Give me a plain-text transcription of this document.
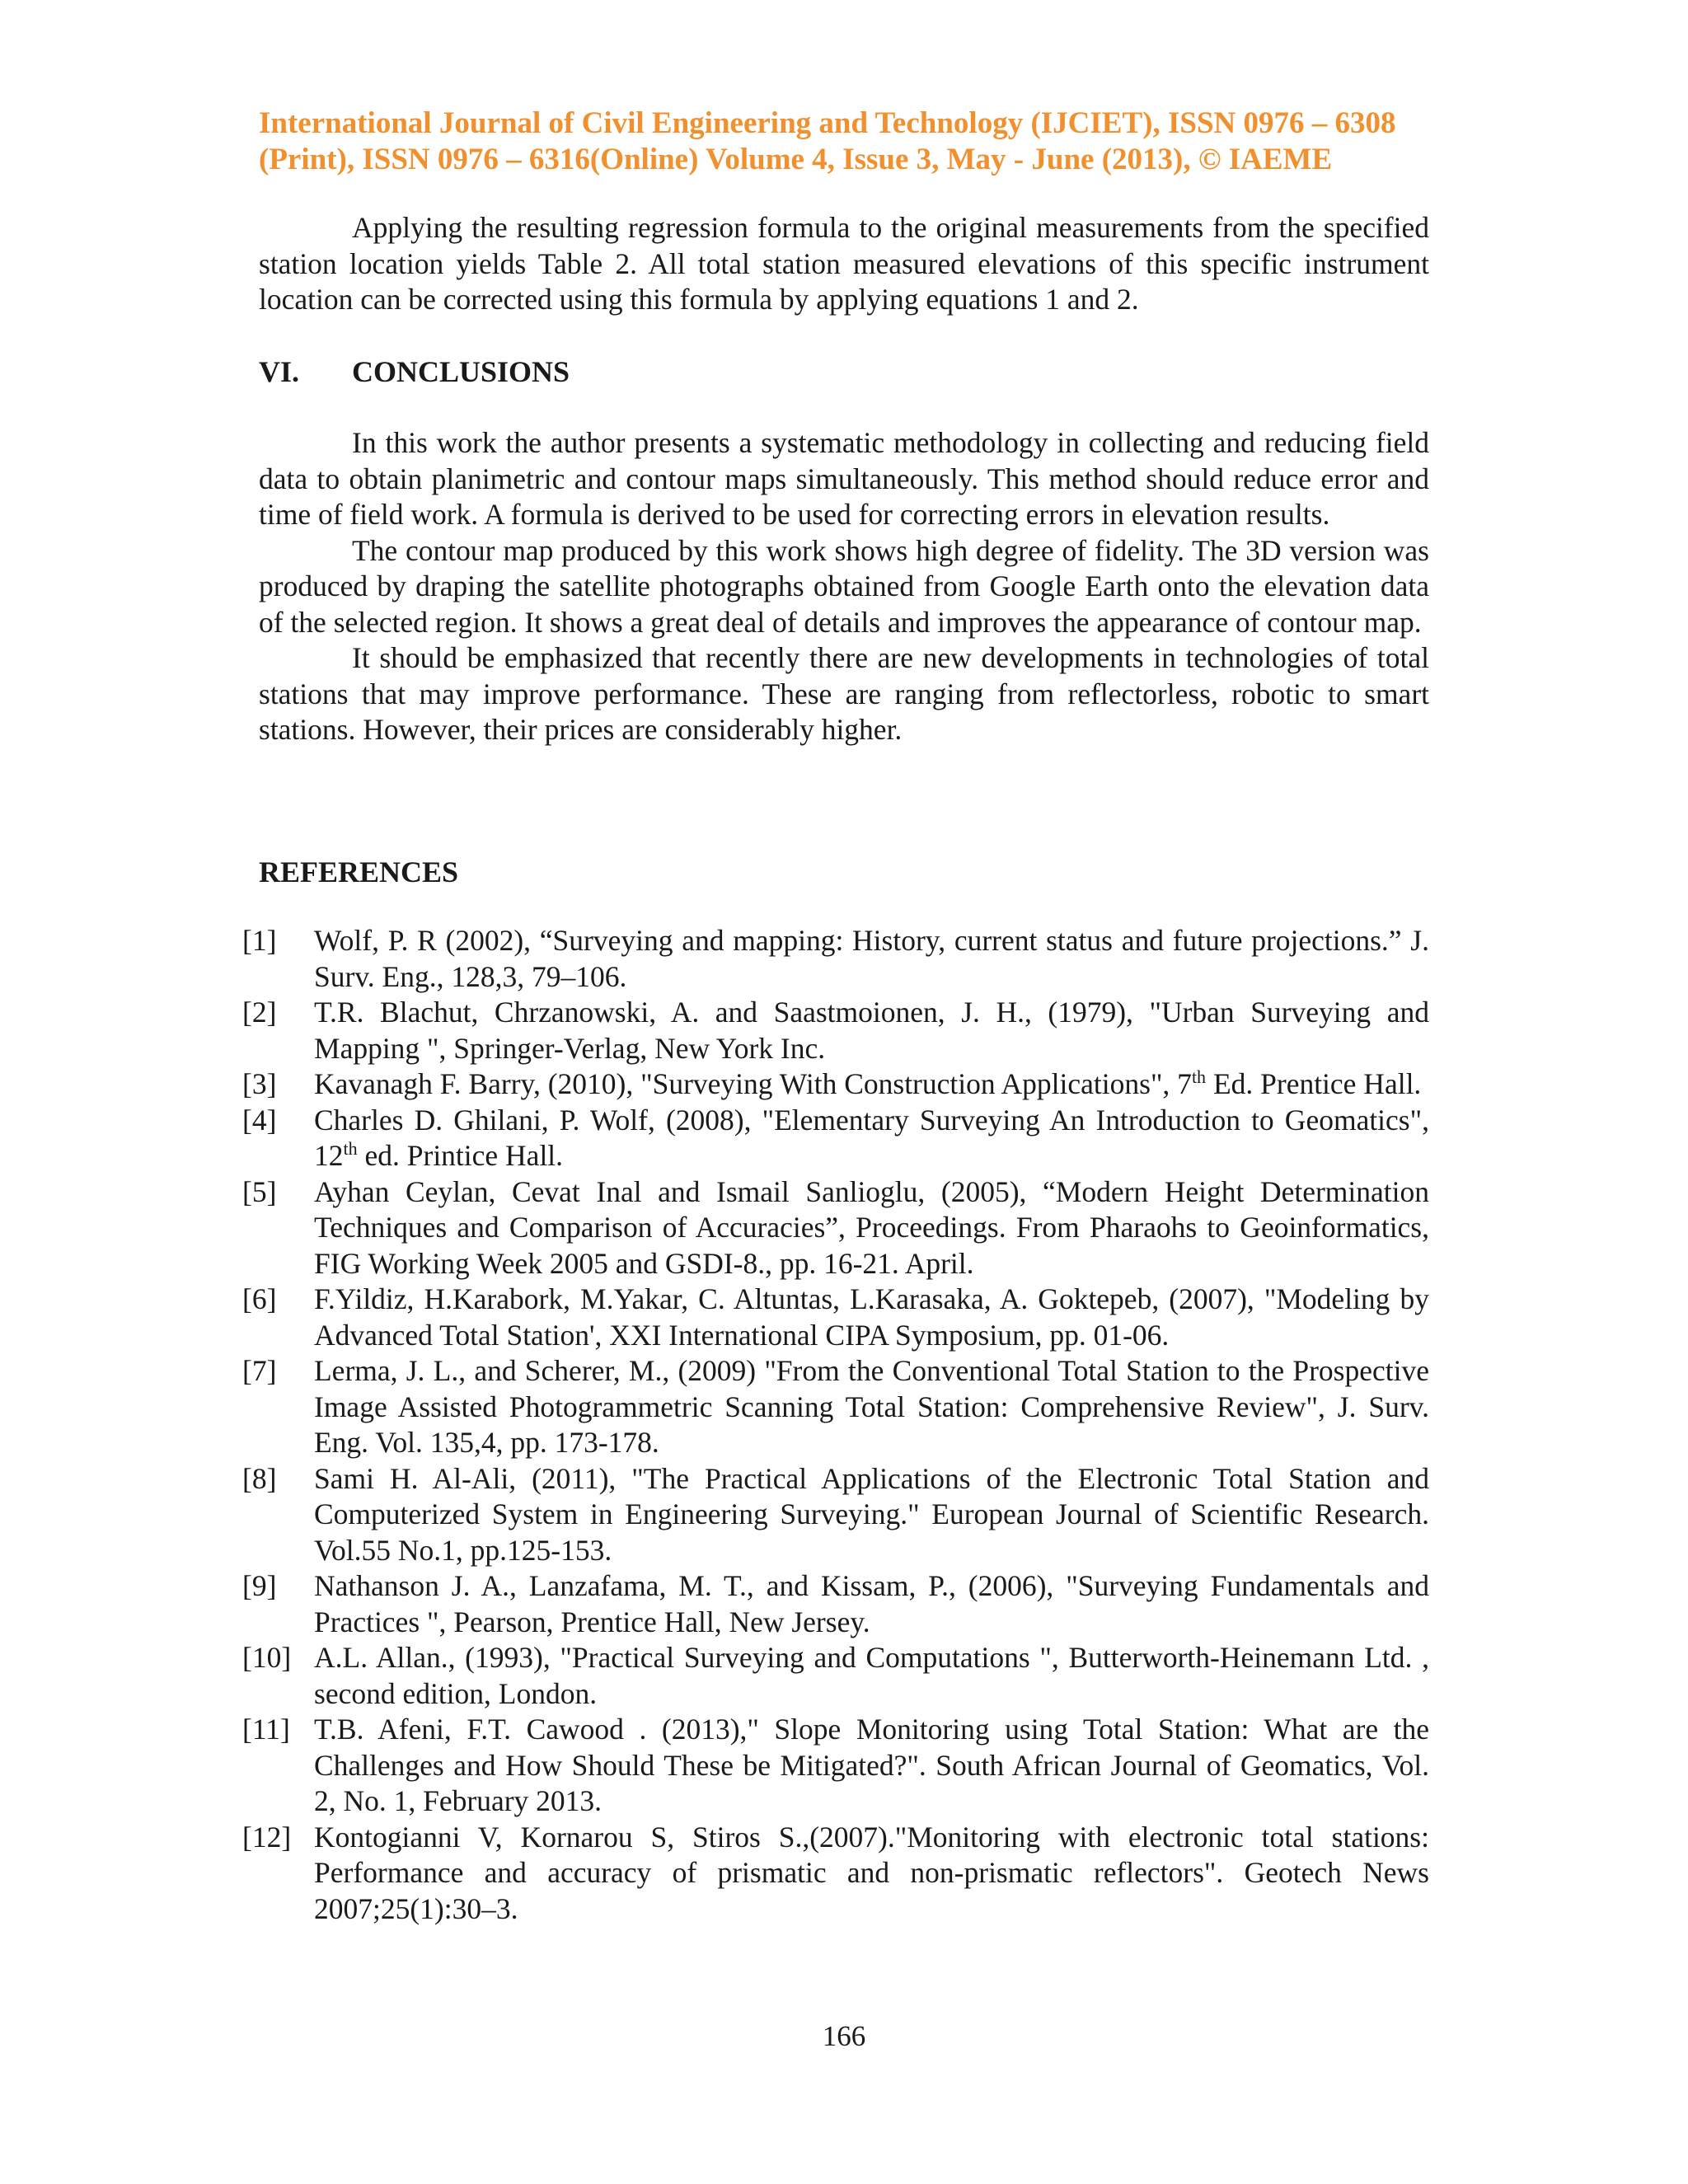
International Journal of Civil Engineering and Technology (IJCIET), ISSN 0976 – 6308
(Print), ISSN 0976 – 6316(Online) Volume 4, Issue 3, May - June (2013), © IAEME

Applying the resulting regression formula to the original measurements from the specified station location yields Table 2. All total station measured elevations of this specific instrument location can be corrected using this formula by applying equations 1 and 2.

VI. CONCLUSIONS

In this work the author presents a systematic methodology in collecting and reducing field data to obtain planimetric and contour maps simultaneously. This method should reduce error and time of field work. A formula is derived to be used for correcting errors in elevation results.

The contour map produced by this work shows high degree of fidelity. The 3D version was produced by draping the satellite photographs obtained from Google Earth onto the elevation data of the selected region. It shows a great deal of details and improves the appearance of contour map.

It should be emphasized that recently there are new developments in technologies of total stations that may improve performance. These are ranging from reflectorless, robotic to smart stations. However, their prices are considerably higher.

REFERENCES
[1]	Wolf, P. R (2002), “Surveying and mapping: History, current status and future projections.” J. Surv. Eng., 128,3, 79–106.
[2]	T.R. Blachut, Chrzanowski, A. and Saastmoionen, J. H., (1979), "Urban Surveying and Mapping ", Springer-Verlag, New York Inc.
[3]	Kavanagh F. Barry, (2010), "Surveying With Construction Applications", 7th Ed. Prentice Hall.
[4]	Charles D. Ghilani, P. Wolf, (2008), "Elementary Surveying An Introduction to Geomatics", 12th ed. Printice Hall.
[5]	Ayhan Ceylan, Cevat Inal and Ismail Sanlioglu, (2005), “Modern Height Determination Techniques and Comparison of Accuracies”, Proceedings. From Pharaohs to Geoinformatics, FIG Working Week 2005 and GSDI-8., pp. 16-21. April.
[6]	F.Yildiz, H.Karabork, M.Yakar, C. Altuntas, L.Karasaka, A. Goktepeb, (2007), "Modeling by Advanced Total Station', XXI International CIPA Symposium, pp. 01-06.
[7]	Lerma, J. L., and Scherer, M., (2009) "From the Conventional Total Station to the Prospective Image Assisted Photogrammetric Scanning Total Station: Comprehensive Review", J. Surv. Eng. Vol. 135,4, pp. 173-178.
[8]	Sami H. Al-Ali, (2011), "The Practical Applications of the Electronic Total Station and Computerized System in Engineering Surveying." European Journal of Scientific Research. Vol.55 No.1, pp.125-153.
[9]	Nathanson J. A., Lanzafama, M. T., and Kissam, P., (2006), "Surveying Fundamentals and Practices ", Pearson, Prentice Hall, New Jersey.
[10] A.L. Allan., (1993), "Practical Surveying and Computations ", Butterworth-Heinemann Ltd. , second edition, London.
[11] T.B. Afeni, F.T. Cawood . (2013)," Slope Monitoring using Total Station: What are the Challenges and How Should These be Mitigated?". South African Journal of Geomatics, Vol. 2, No. 1, February 2013.
[12] Kontogianni V, Kornarou S, Stiros S.,(2007)."Monitoring with electronic total stations: Performance and accuracy of prismatic and non-prismatic reflectors". Geotech News 2007;25(1):30–3.
166
